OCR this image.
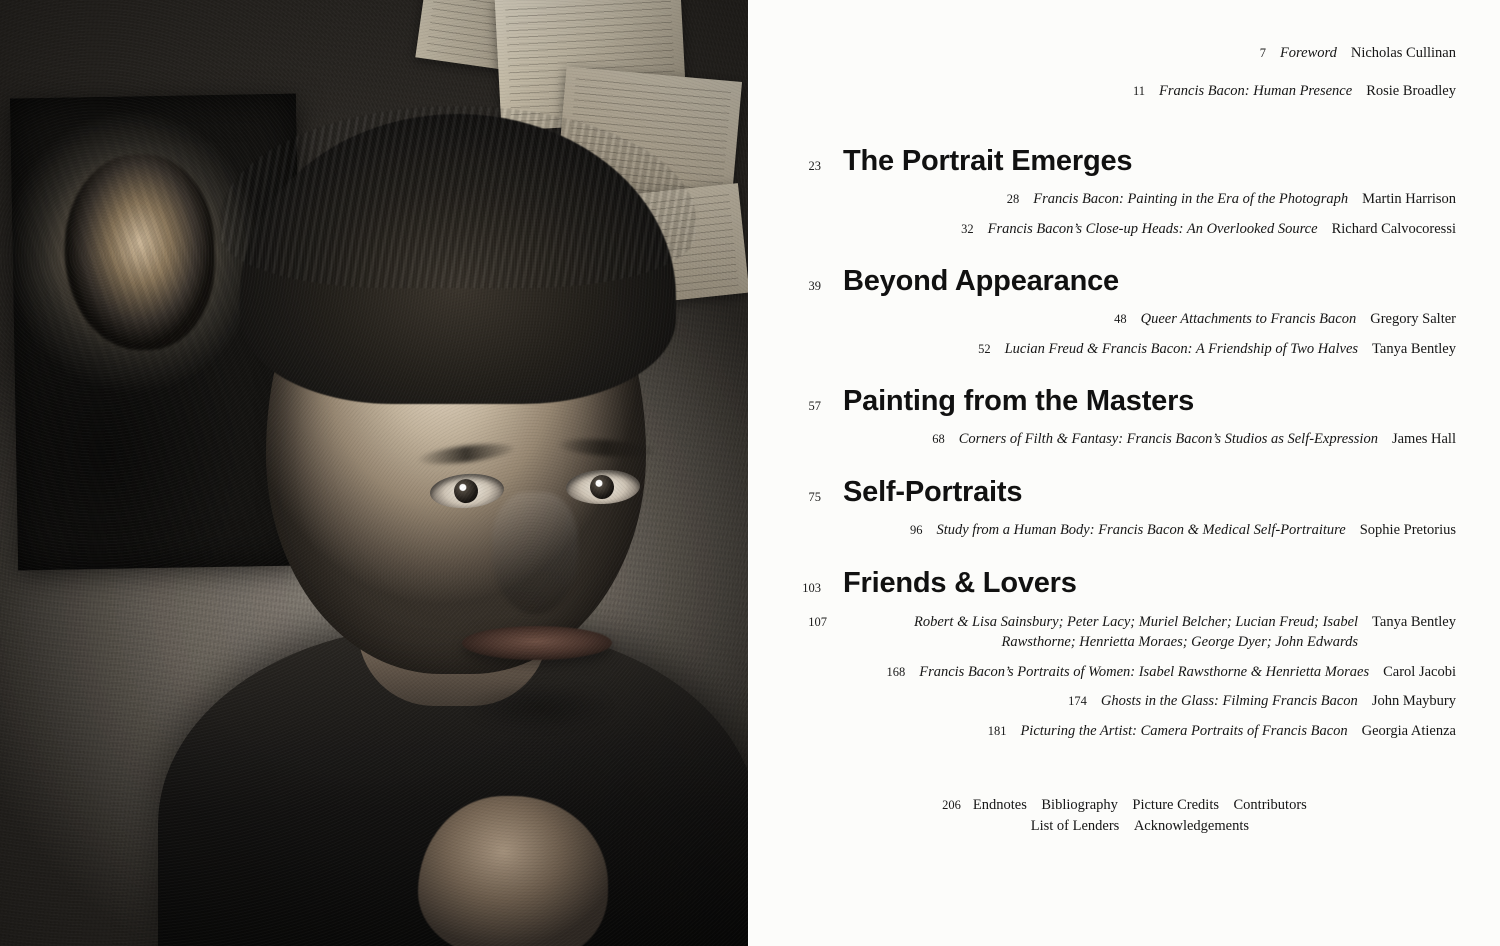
7 Foreword Nicholas Cullinan
11 Francis Bacon: Human Presence Rosie Broadley
23 The Portrait Emerges
28 Francis Bacon: Painting in the Era of the Photograph Martin Harrison
32 Francis Bacon’s Close-up Heads: An Overlooked Source Richard Calvocoressi
39 Beyond Appearance
48 Queer Attachments to Francis Bacon Gregory Salter
52 Lucian Freud & Francis Bacon: A Friendship of Two Halves Tanya Bentley
57 Painting from the Masters
68 Corners of Filth & Fantasy: Francis Bacon’s Studios as Self-Expression James Hall
75 Self-Portraits
96 Study from a Human Body: Francis Bacon & Medical Self-Portraiture Sophie Pretorius
103 Friends & Lovers
107	Robert & Lisa Sainsbury; Peter Lacy; Muriel Belcher; Lucian Freud; Isabel Rawsthorne; Henrietta Moraes; George Dyer; John Edwards
Tanya Bentley
168 Francis Bacon’s Portraits of Women: Isabel Rawsthorne & Henrietta Moraes Carol Jacobi
174 Ghosts in the Glass: Filming Francis Bacon John Maybury
181 Picturing the Artist: Camera Portraits of Francis Bacon Georgia Atienza
206 Endnotes Bibliography Picture Credits Contributors
List of Lenders Acknowledgements
